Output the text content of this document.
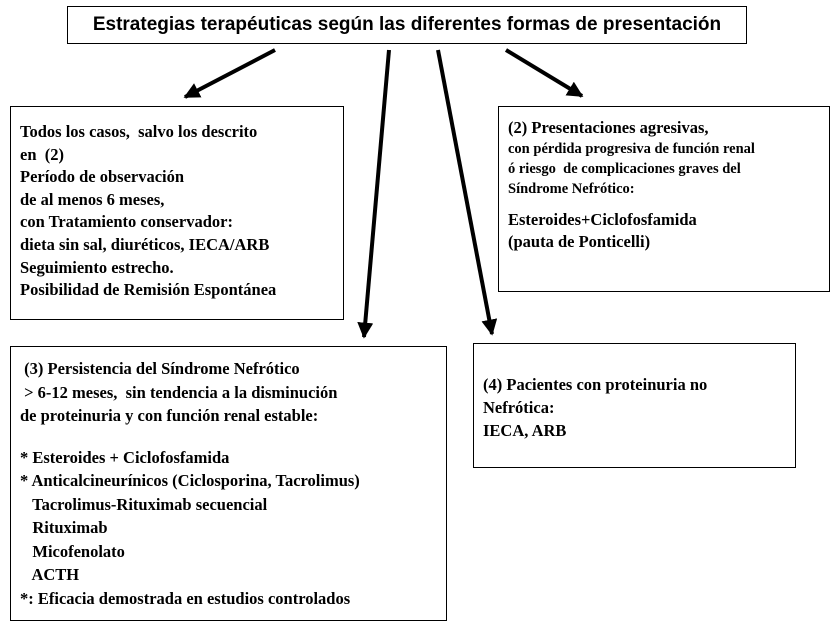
Estrategias terapéuticas según las diferentes formas de presentación
Todos los casos,  salvo los descrito
en  (2)
Período de observación
de al menos 6 meses,
con Tratamiento conservador:
dieta sin sal, diuréticos, IECA/ARB
Seguimiento estrecho.
Posibilidad de Remisión Espontánea
(2) Presentaciones agresivas,
con pérdida progresiva de función renal
ó riesgo  de complicaciones graves del
Síndrome Nefrótico:
Esteroides+Ciclofosfamida
(pauta de Ponticelli)
(3) Persistencia del Síndrome Nefrótico
> 6-12 meses,  sin tendencia a la disminución
de proteinuria y con función renal estable:
* Esteroides + Ciclofosfamida
* Anticalcineurínicos (Ciclosporina, Tacrolimus)
Tacrolimus-Rituximab secuencial
Rituximab
Micofenolato
ACTH
*: Eficacia demostrada en estudios controlados
(4) Pacientes con proteinuria no
Nefrótica:
IECA, ARB
